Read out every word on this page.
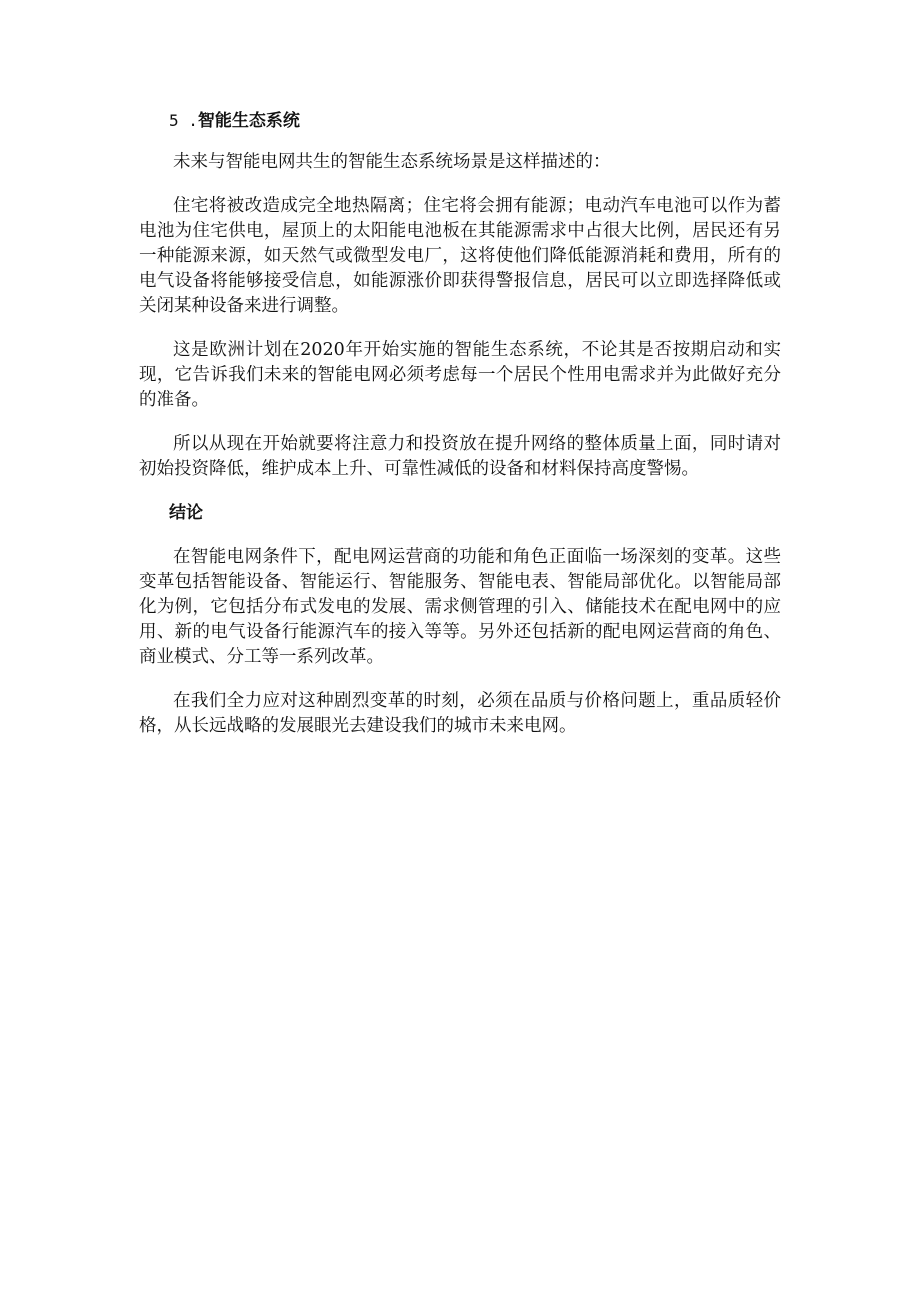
5 .智能生态系统

未来与智能电网共生的智能生态系统场景是这样描述的：

住宅将被改造成完全地热隔离；住宅将会拥有能源；电动汽车电池可以作为蓄电池为住宅供电，屋顶上的太阳能电池板在其能源需求中占很大比例，居民还有另一种能源来源，如天然气或微型发电厂，这将使他们降低能源消耗和费用，所有的电气设备将能够接受信息，如能源涨价即获得警报信息，居民可以立即选择降低或关闭某种设备来进行调整。

这是欧洲计划在2020年开始实施的智能生态系统，不论其是否按期启动和实现，它告诉我们未来的智能电网必须考虑每一个居民个性用电需求并为此做好充分的准备。

所以从现在开始就要将注意力和投资放在提升网络的整体质量上面，同时请对初始投资降低，维护成本上升、可靠性减低的设备和材料保持高度警惕。

结论

在智能电网条件下，配电网运营商的功能和角色正面临一场深刻的变革。这些变革包括智能设备、智能运行、智能服务、智能电表、智能局部优化。以智能局部化为例，它包括分布式发电的发展、需求侧管理的引入、储能技术在配电网中的应用、新的电气设备行能源汽车的接入等等。另外还包括新的配电网运营商的角色、商业模式、分工等一系列改革。

在我们全力应对这种剧烈变革的时刻，必须在品质与价格问题上，重品质轻价格，从长远战略的发展眼光去建设我们的城市未来电网。
